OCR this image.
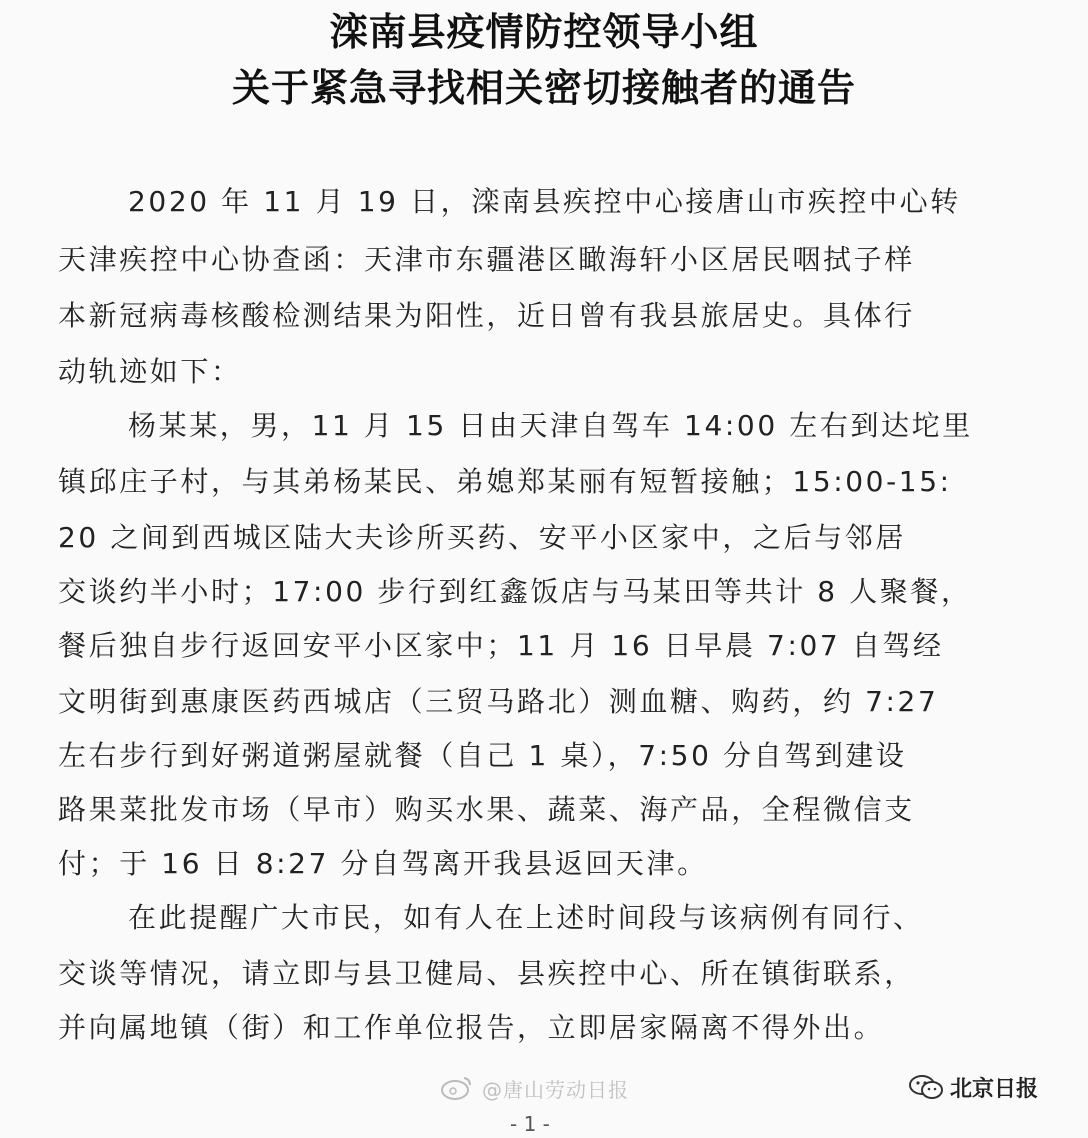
滦南县疫情防控领导小组
关于紧急寻找相关密切接触者的通告
2020 年 11 月 19 日，滦南县疾控中心接唐山市疾控中心转
天津疾控中心协查函：天津市东疆港区瞰海轩小区居民咽拭子样
本新冠病毒核酸检测结果为阳性，近日曾有我县旅居史。具体行
动轨迹如下：
杨某某，男，11 月 15 日由天津自驾车 14:00 左右到达坨里
镇邱庄子村，与其弟杨某民、弟媳郑某丽有短暂接触；15:00-15:
20 之间到西城区陆大夫诊所买药、安平小区家中，之后与邻居
交谈约半小时；17:00 步行到红鑫饭店与马某田等共计 8 人聚餐，
餐后独自步行返回安平小区家中；11 月 16 日早晨 7:07 自驾经
文明街到惠康医药西城店（三贸马路北）测血糖、购药，约 7:27
左右步行到好粥道粥屋就餐（自己 1 桌），7:50 分自驾到建设
路果菜批发市场（早市）购买水果、蔬菜、海产品，全程微信支
付；于 16 日 8:27 分自驾离开我县返回天津。
在此提醒广大市民，如有人在上述时间段与该病例有同行、
交谈等情况，请立即与县卫健局、县疾控中心、所在镇街联系，
并向属地镇（街）和工作单位报告，立即居家隔离不得外出。
@唐山劳动日报
- 1 -
北京日报
